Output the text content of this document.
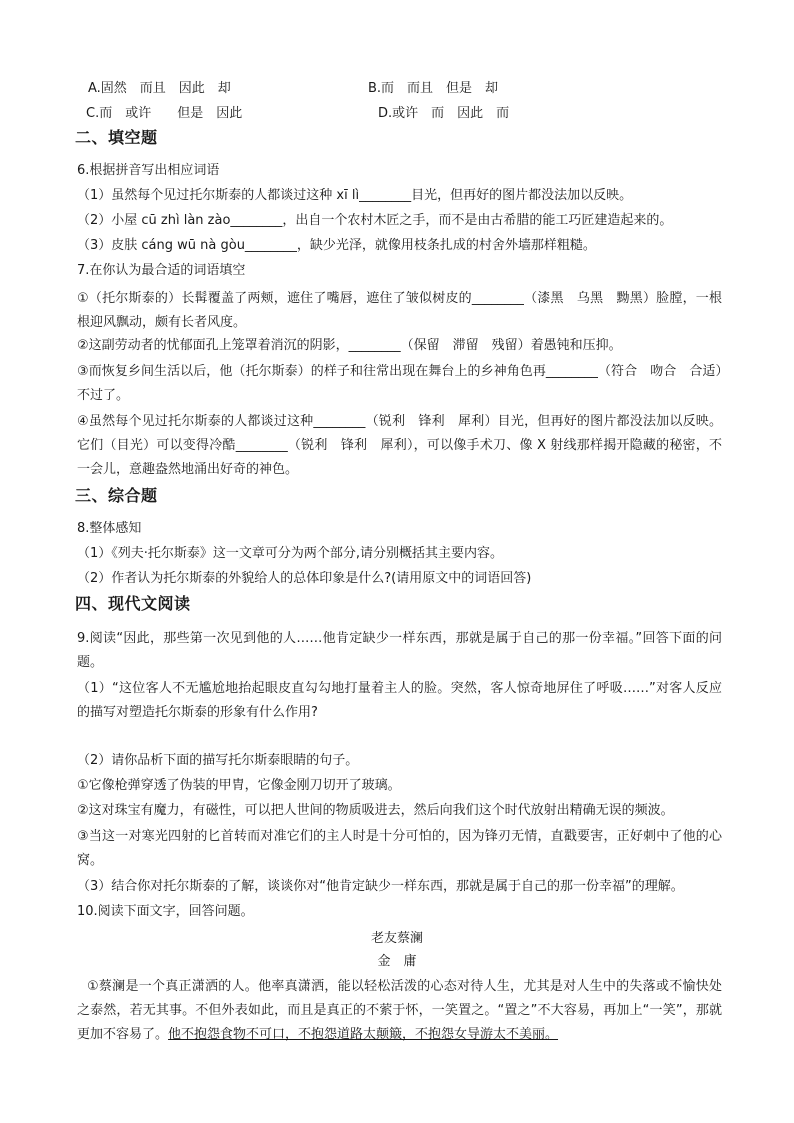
A.固然　而且　因此　却	B.而　而且　但是　却
C.而　或许　　但是　因此	D.或许　而　因此　而
二、填空题
6.根据拼音写出相应词语
（1）虽然每个见过托尔斯泰的人都谈过这种 xī lì________目光，但再好的图片都没法加以反映。
（2）小屋 cū zhì làn zào________，出自一个农村木匠之手，而不是由古希腊的能工巧匠建造起来的。
（3）皮肤 cáng wū nà gòu________，缺少光泽，就像用枝条扎成的村舍外墙那样粗糙。
7.在你认为最合适的词语填空
①（托尔斯泰的）长髯覆盖了两颊，遮住了嘴唇，遮住了皱似树皮的________（漆黑　乌黑　黝黑）脸膛，一根根迎风飘动，颇有长者风度。
②这副劳动者的忧郁面孔上笼罩着消沉的阴影，________（保留　滞留　残留）着愚钝和压抑。
③而恢复乡间生活以后，他（托尔斯泰）的样子和往常出现在舞台上的乡神角色再________（符合　吻合　合适）不过了。
④虽然每个见过托尔斯泰的人都谈过这种________（锐利　锋利　犀利）目光，但再好的图片都没法加以反映。它们（目光）可以变得冷酷________（锐利　锋利　犀利），可以像手术刀、像 X 射线那样揭开隐藏的秘密，不一会儿，意趣盎然地涌出好奇的神色。
三、综合题
8.整体感知
（1）《列夫·托尔斯泰》这一文章可分为两个部分,请分别概括其主要内容。
（2）作者认为托尔斯泰的外貌给人的总体印象是什么?(请用原文中的词语回答)
四、现代文阅读
9.阅读“因此，那些第一次见到他的人……他肯定缺少一样东西，那就是属于自己的那一份幸福。”回答下面的问题。
（1）“这位客人不无尴尬地抬起眼皮直勾勾地打量着主人的脸。突然，客人惊奇地屏住了呼吸……”对客人反应的描写对塑造托尔斯泰的形象有什么作用?
（2）请你品析下面的描写托尔斯泰眼睛的句子。
①它像枪弹穿透了伪装的甲胄，它像金刚刀切开了玻璃。
②这对珠宝有魔力，有磁性，可以把人世间的物质吸进去，然后向我们这个时代放射出精确无误的频波。
③当这一对寒光四射的匕首转而对准它们的主人时是十分可怕的，因为锋刃无情，直戳要害，正好刺中了他的心窝。
（3）结合你对托尔斯泰的了解，谈谈你对“他肯定缺少一样东西，那就是属于自己的那一份幸福”的理解。
10.阅读下面文字，回答问题。
老友蔡澜
金　庸
①蔡澜是一个真正潇洒的人。他率真潇洒，能以轻松活泼的心态对待人生，尤其是对人生中的失落或不愉快处之泰然，若无其事。不但外表如此，而且是真正的不萦于怀，一笑置之。“置之”不大容易，再加上“一笑”，那就更加不容易了。他不抱怨食物不可口，不抱怨道路太颠簸，不抱怨女导游太不美丽。
